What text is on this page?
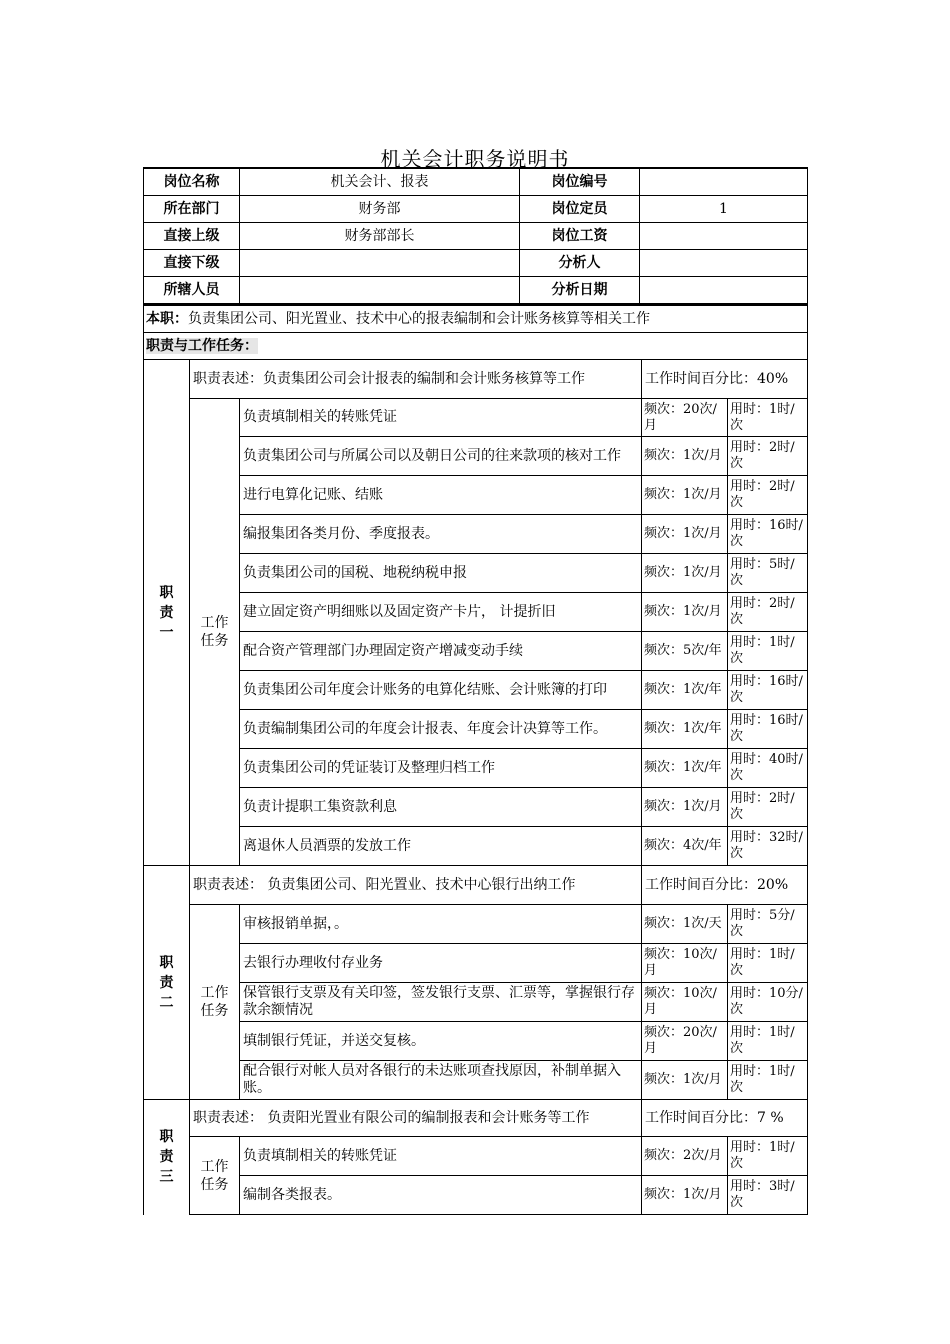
机关会计职务说明书
岗位名称	机关会计、报表	岗位编号	
所在部门	财务部	岗位定员	1
直接上级	财务部部长	岗位工资	
直接下级		分析人	
所辖人员		分析日期	
本职：负责集团公司、阳光置业、技术中心的报表编制和会计账务核算等相关工作				
职责与工作任务：				
职责一	职责表述：负责集团公司会计报表的编制和会计账务核算等工作		工作时间百分比：40%	
	工作任务	负责填制相关的转账凭证	频次：20次/月	用时：1时/次
		负责集团公司与所属公司以及朝日公司的往来款项的核对工作	频次：1次/月	用时：2时/次
		进行电算化记账、结账	频次：1次/月	用时：2时/次
		编报集团各类月份、季度报表。	频次：1次/月	用时：16时/次
		负责集团公司的国税、地税纳税申报	频次：1次/月	用时：5时/次
		建立固定资产明细账以及固定资产卡片， 计提折旧	频次：1次/月	用时：2时/次
		配合资产管理部门办理固定资产增减变动手续	频次：5次/年	用时：1时/次
		负责集团公司年度会计账务的电算化结账、会计账簿的打印	频次：1次/年	用时：16时/次
		负责编制集团公司的年度会计报表、年度会计决算等工作。	频次：1次/年	用时：16时/次
		负责集团公司的凭证装订及整理归档工作	频次：1次/年	用时：40时/次
		负责计提职工集资款利息	频次：1次/月	用时：2时/次
		离退休人员酒票的发放工作	频次：4次/年	用时：32时/次
职责二	职责表述： 负责集团公司、阳光置业、技术中心银行出纳工作		工作时间百分比：20%	
	工作任务	审核报销单据，。	频次：1次/天	用时：5分/次
		去银行办理收付存业务	频次：10次/月	用时：1时/次
		保管银行支票及有关印签，签发银行支票、汇票等，掌握银行存款余额情况	频次：10次/月	用时：10分/次
		填制银行凭证，并送交复核。	频次：20次/月	用时：1时/次
		配合银行对帐人员对各银行的未达账项查找原因，补制单据入账。	频次：1次/月	用时：1时/次
职责三	职责表述： 负责阳光置业有限公司的编制报表和会计账务等工作		工作时间百分比：7 %	
	工作任务	负责填制相关的转账凭证	频次：2次/月	用时：1时/次
		编制各类报表。	频次：1次/月	用时：3时/次
